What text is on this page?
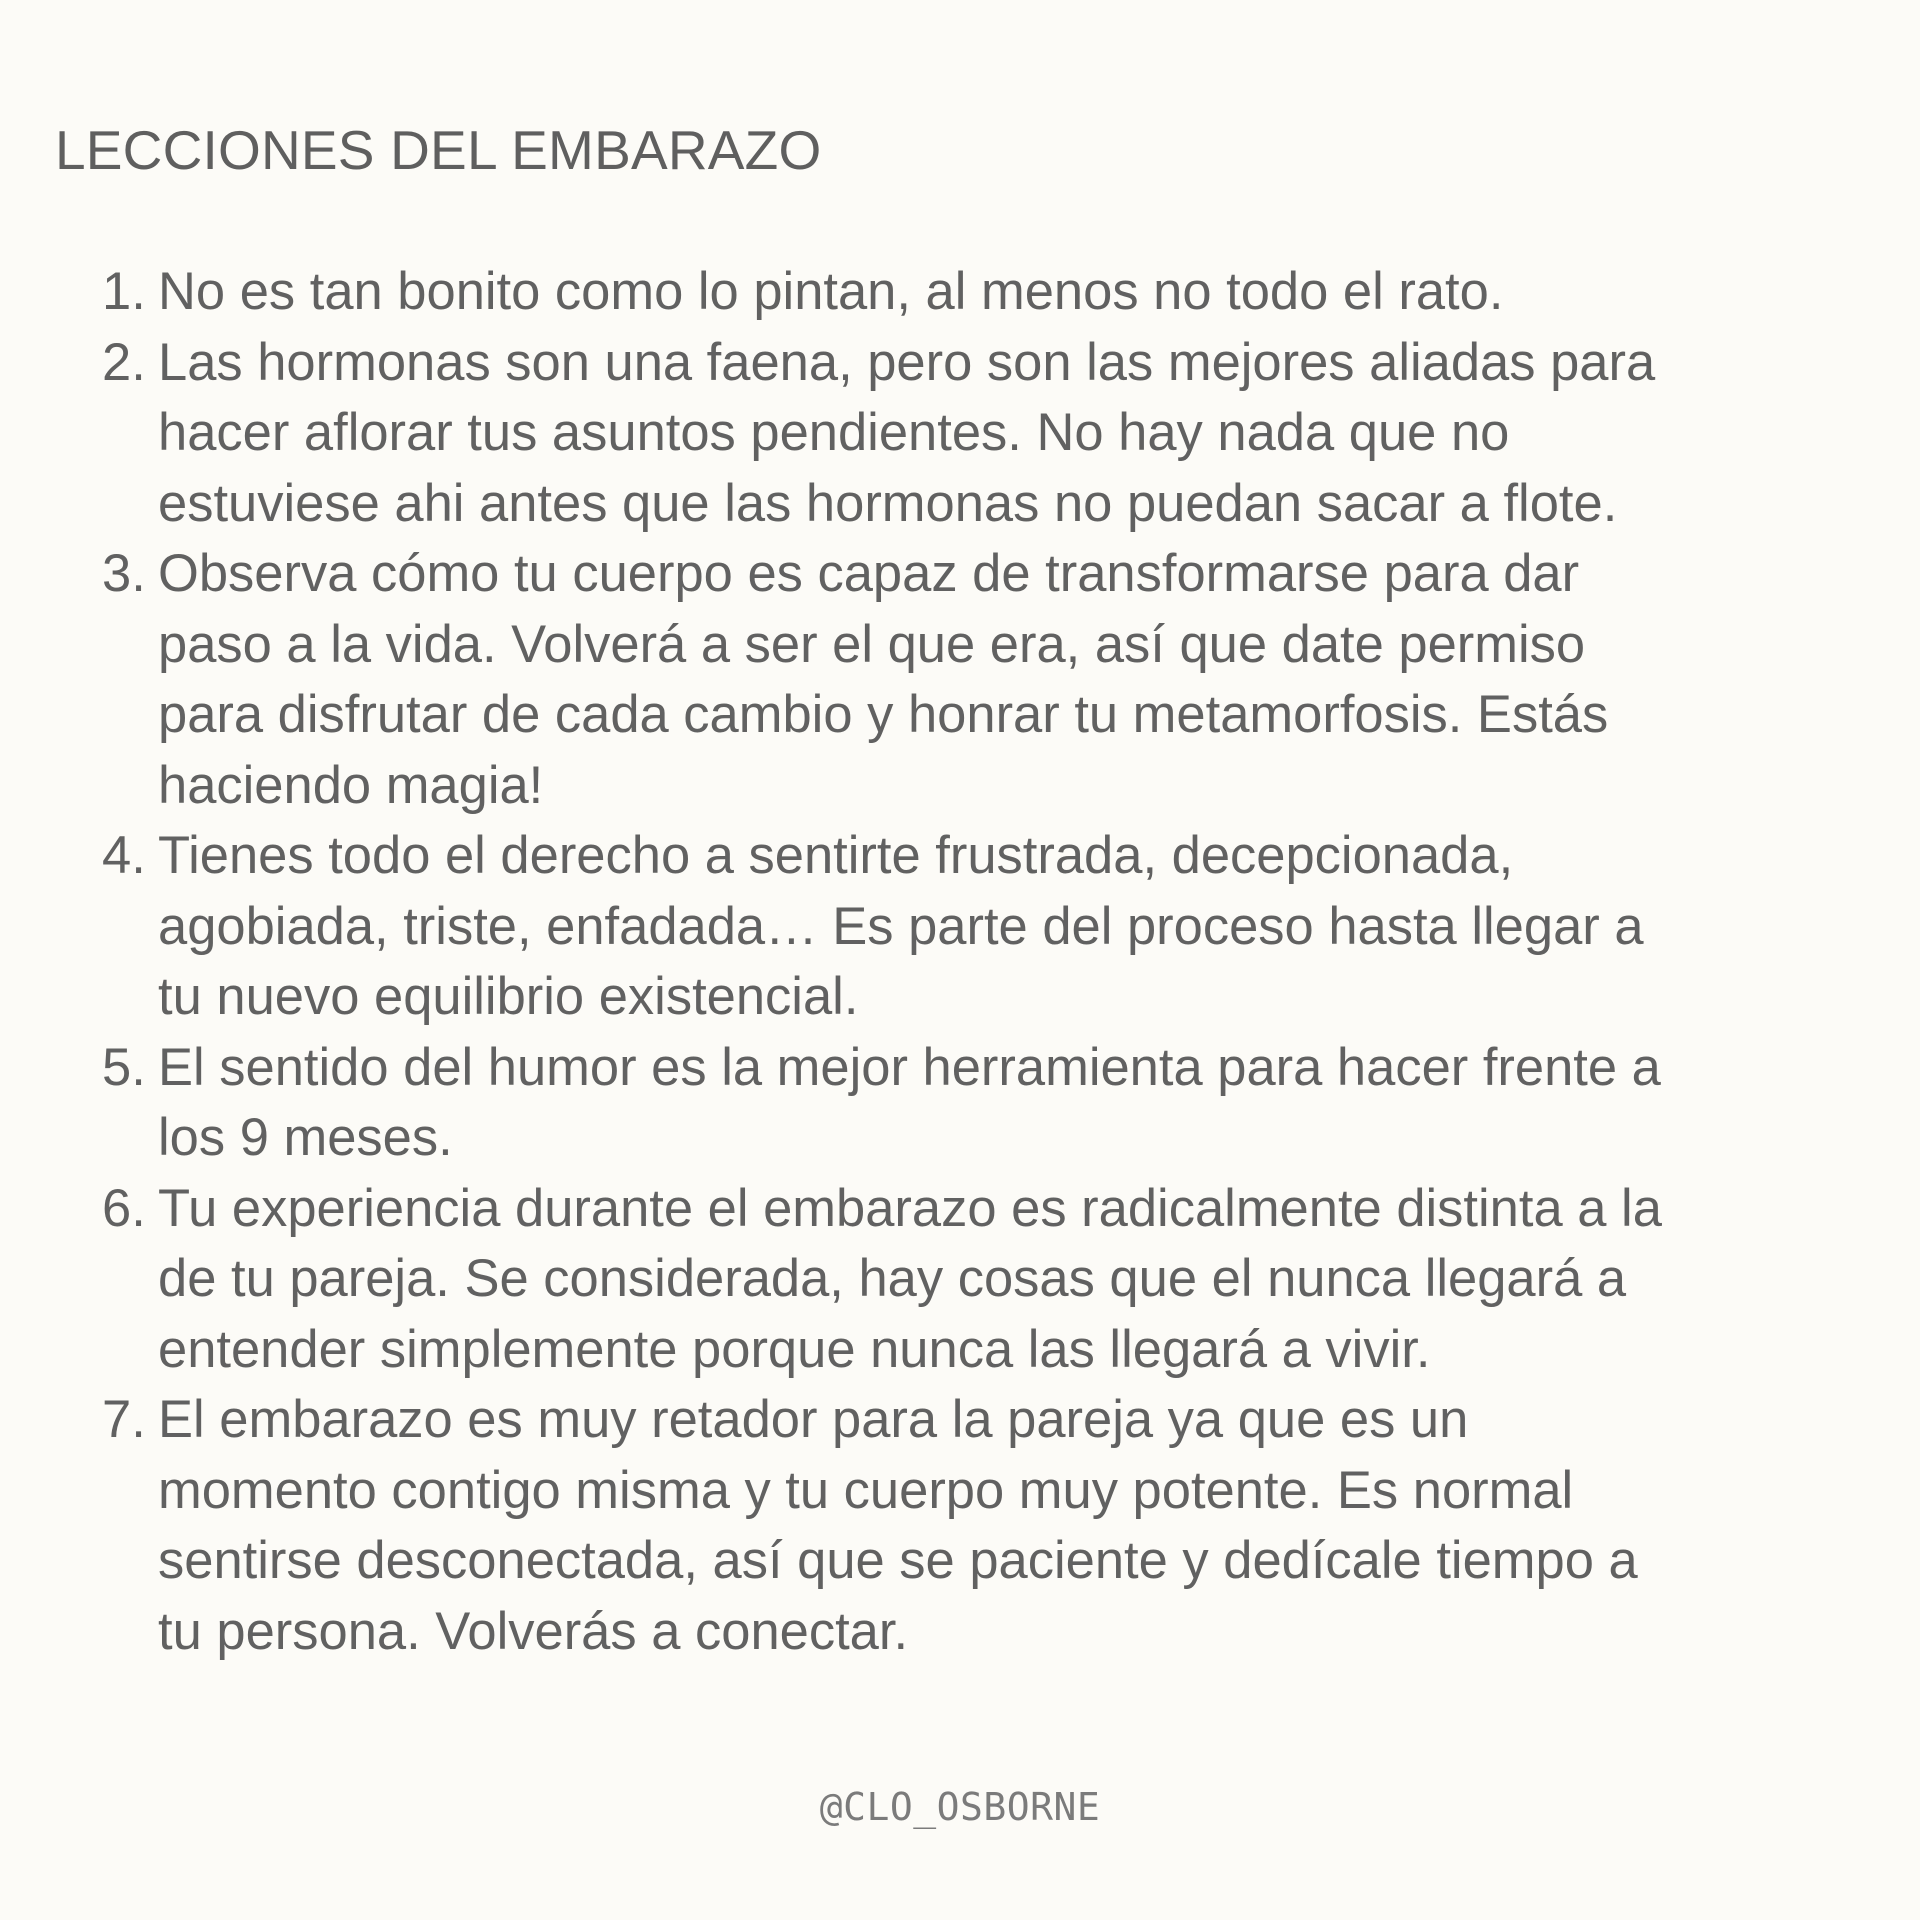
LECCIONES DEL EMBARAZO
1. No es tan bonito como lo pintan, al menos no todo el rato.
2. Las hormonas son una faena, pero son las mejores aliadas para
hacer aflorar tus asuntos pendientes. No hay nada que no
estuviese ahi antes que las hormonas no puedan sacar a flote.
3. Observa cómo tu cuerpo es capaz de transformarse para dar
paso a la vida. Volverá a ser el que era, así que date permiso
para disfrutar de cada cambio y honrar tu metamorfosis. Estás
haciendo magia!
4. Tienes todo el derecho a sentirte frustrada, decepcionada,
agobiada, triste, enfadada… Es parte del proceso hasta llegar a
tu nuevo equilibrio existencial.
5. El sentido del humor es la mejor herramienta para hacer frente a
los 9 meses.
6. Tu experiencia durante el embarazo es radicalmente distinta a la
de tu pareja. Se considerada, hay cosas que el nunca llegará a
entender simplemente porque nunca las llegará a vivir.
7. El embarazo es muy retador para la pareja ya que es un
momento contigo misma y tu cuerpo muy potente. Es normal
sentirse desconectada, así que se paciente y dedícale tiempo a
tu persona. Volverás a conectar.
@CLO_OSBORNE
